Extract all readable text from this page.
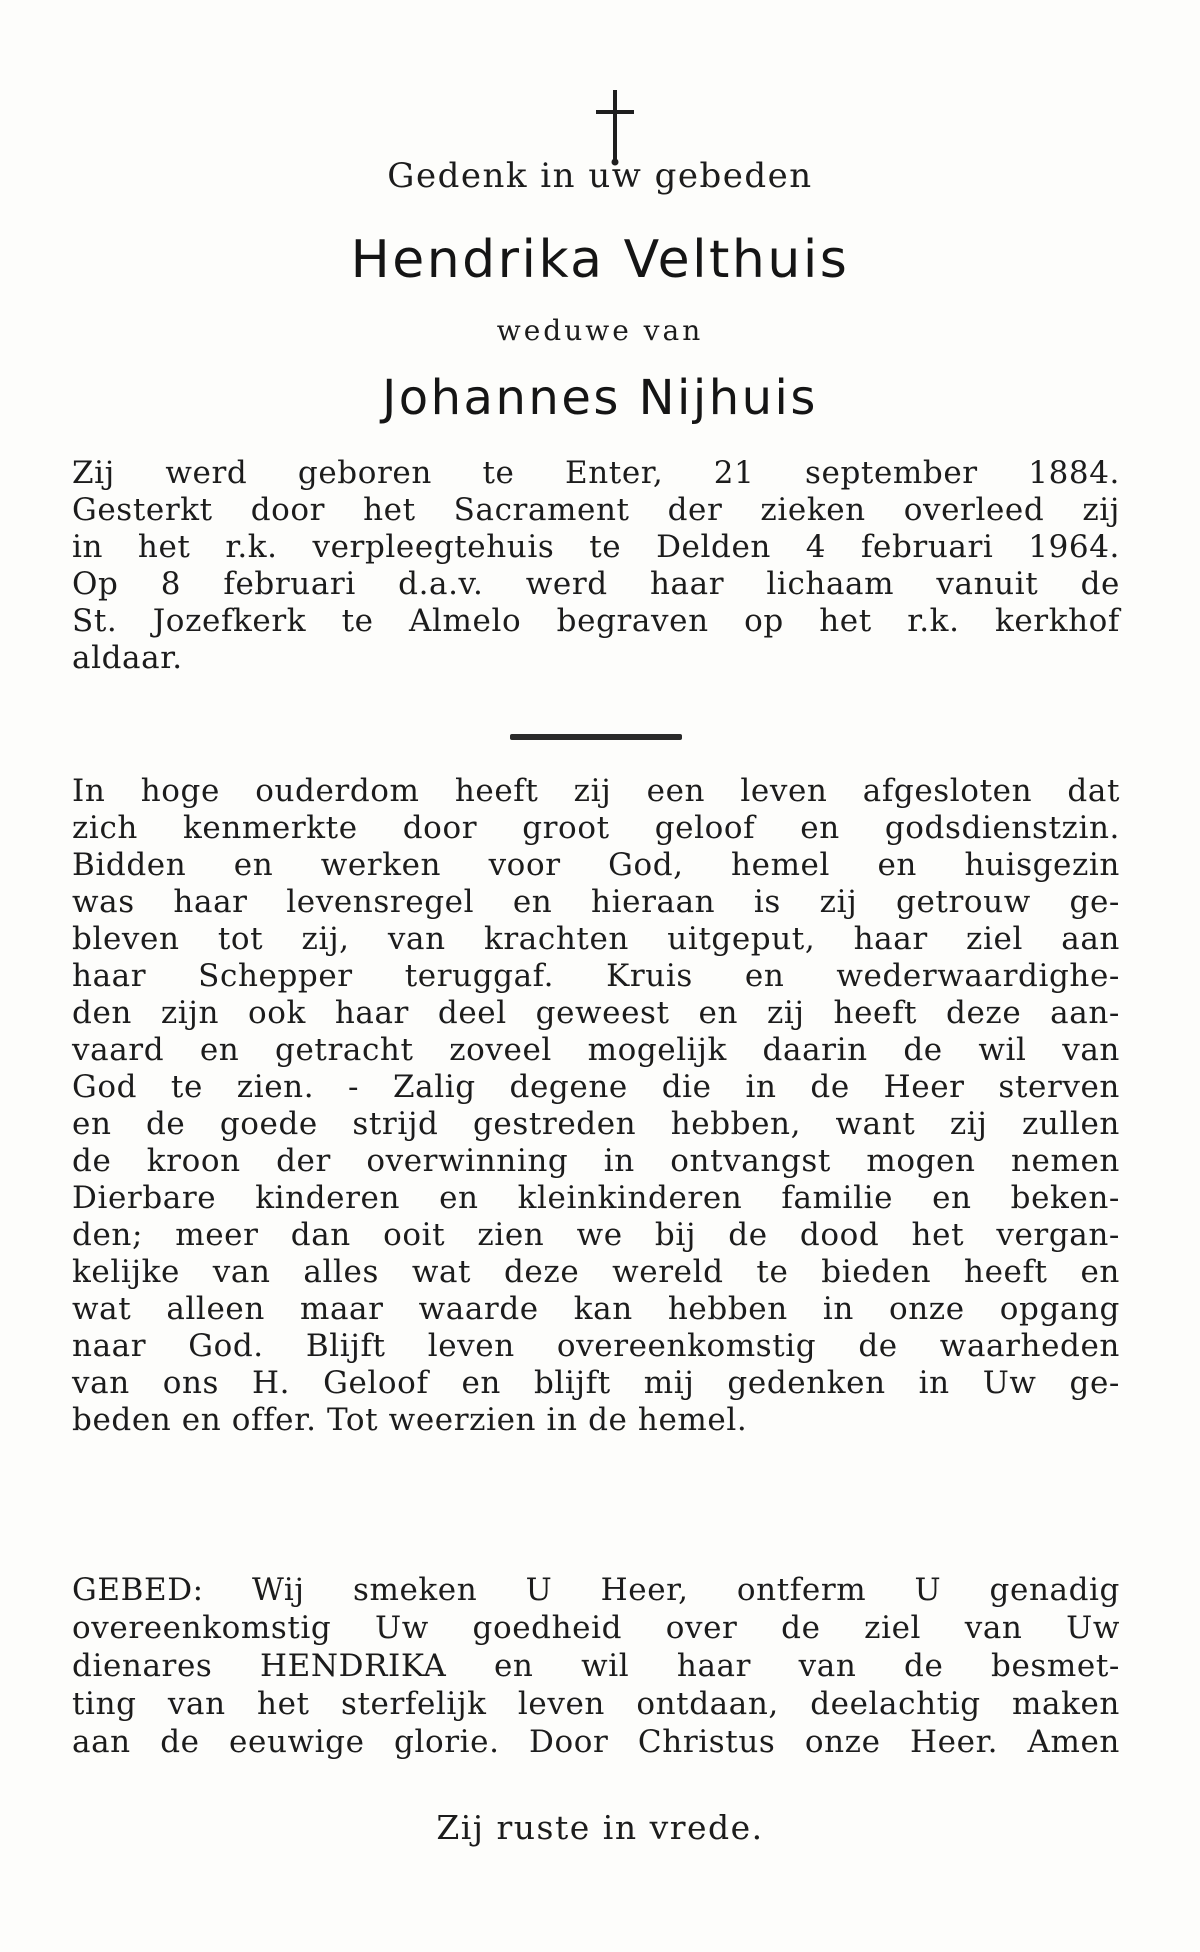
Gedenk in uw gebeden
Hendrika Velthuis
weduwe van
Johannes Nijhuis
Zij werd geboren te Enter, 21 september 1884.
Gesterkt door het Sacrament der zieken overleed zij
in het r.k. verpleegtehuis te Delden 4 februari 1964.
Op 8 februari d.a.v. werd haar lichaam vanuit de
St. Jozefkerk te Almelo begraven op het r.k. kerkhof
aldaar.
In hoge ouderdom heeft zij een leven afgesloten dat
zich kenmerkte door groot geloof en godsdienstzin.
Bidden en werken voor God, hemel en huisgezin
was haar levensregel en hieraan is zij getrouw ge-
bleven tot zij, van krachten uitgeput, haar ziel aan
haar Schepper teruggaf. Kruis en wederwaardighe-
den zijn ook haar deel geweest en zij heeft deze aan-
vaard en getracht zoveel mogelijk daarin de wil van
God te zien. - Zalig degene die in de Heer sterven
en de goede strijd gestreden hebben, want zij zullen
de kroon der overwinning in ontvangst mogen nemen
Dierbare kinderen en kleinkinderen familie en beken-
den; meer dan ooit zien we bij de dood het vergan-
kelijke van alles wat deze wereld te bieden heeft en
wat alleen maar waarde kan hebben in onze opgang
naar God. Blijft leven overeenkomstig de waarheden
van ons H. Geloof en blijft mij gedenken in Uw ge-
beden en offer. Tot weerzien in de hemel.
GEBED: Wij smeken U Heer, ontferm U genadig
overeenkomstig Uw goedheid over de ziel van Uw
dienares HENDRIKA en wil haar van de besmet-
ting van het sterfelijk leven ontdaan, deelachtig maken
aan de eeuwige glorie. Door Christus onze Heer. Amen
Zij ruste in vrede.
